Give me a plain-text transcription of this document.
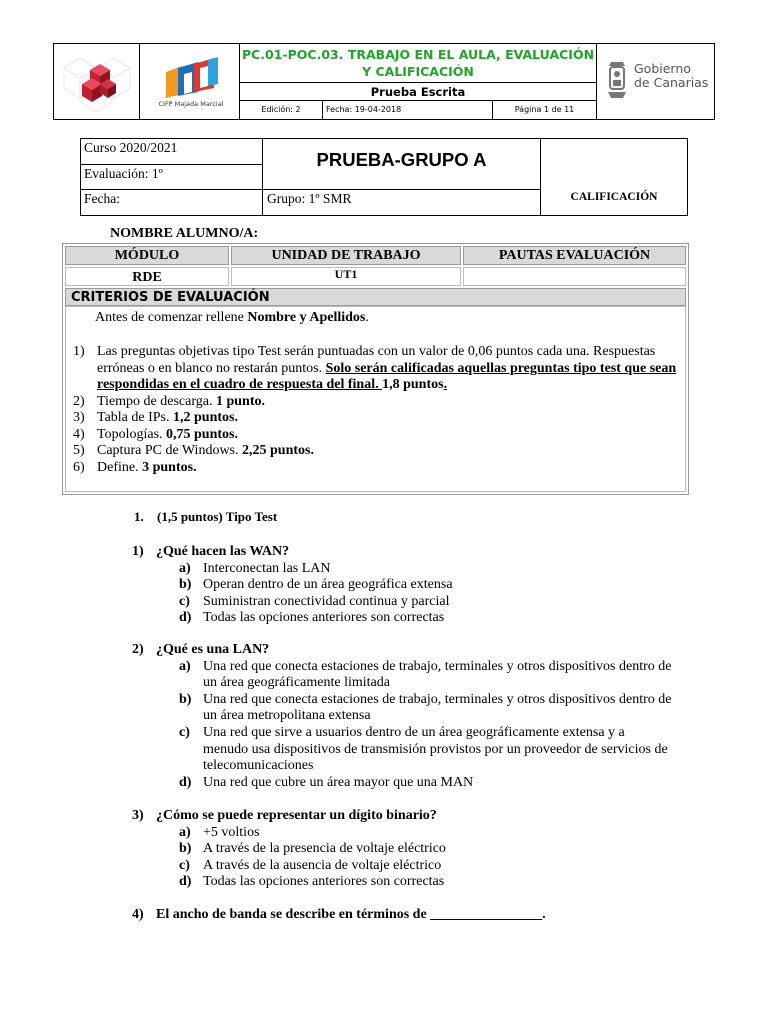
CIFP Majada Marcial
PC.01-POC.03. TRABAJO EN EL AULA, EVALUACIÓN Y CALIFICACIÓN
Prueba Escrita
Edición: 2	Fecha: 19-04-2018	Página 1 de 11
Gobierno
de Canarias
Curso 2020/2021
Evaluación: 1º
Fecha:
PRUEBA-GRUPO A
Grupo: 1º SMR	CALIFICACIÓN
NOMBRE ALUMNO/A:
MÓDULO	UNIDAD DE TRABAJO	PAUTAS EVALUACIÓN
RDE	UT1
CRITERIOS DE EVALUACIÓN
Antes de comenzar rellene Nombre y Apellidos.
1) Las preguntas objetivas tipo Test serán puntuadas con un valor de 0,06 puntos cada una. Respuestas erróneas o en blanco no restarán puntos. Solo serán calificadas aquellas preguntas tipo test que sean respondidas en el cuadro de respuesta del final. 1,8 puntos.
2) Tiempo de descarga. 1 punto.
3) Tabla de IPs. 1,2 puntos.
4) Topologías. 0,75 puntos.
5) Captura PC de Windows. 2,25 puntos.
6) Define. 3 puntos.
1. (1,5 puntos) Tipo Test
1) ¿Qué hacen las WAN?
a) Interconectan las LAN
b) Operan dentro de un área geográfica extensa
c) Suministran conectividad continua y parcial
d) Todas las opciones anteriores son correctas
2) ¿Qué es una LAN?
a) Una red que conecta estaciones de trabajo, terminales y otros dispositivos dentro de un área geográficamente limitada
b) Una red que conecta estaciones de trabajo, terminales y otros dispositivos dentro de un área metropolitana extensa
c) Una red que sirve a usuarios dentro de un área geográficamente extensa y a menudo usa dispositivos de transmisión provistos por un proveedor de servicios de telecomunicaciones
d) Una red que cubre un área mayor que una MAN
3) ¿Cómo se puede representar un dígito binario?
a) +5 voltios
b) A través de la presencia de voltaje eléctrico
c) A través de la ausencia de voltaje eléctrico
d) Todas las opciones anteriores son correctas
4) El ancho de banda se describe en términos de ________________.
